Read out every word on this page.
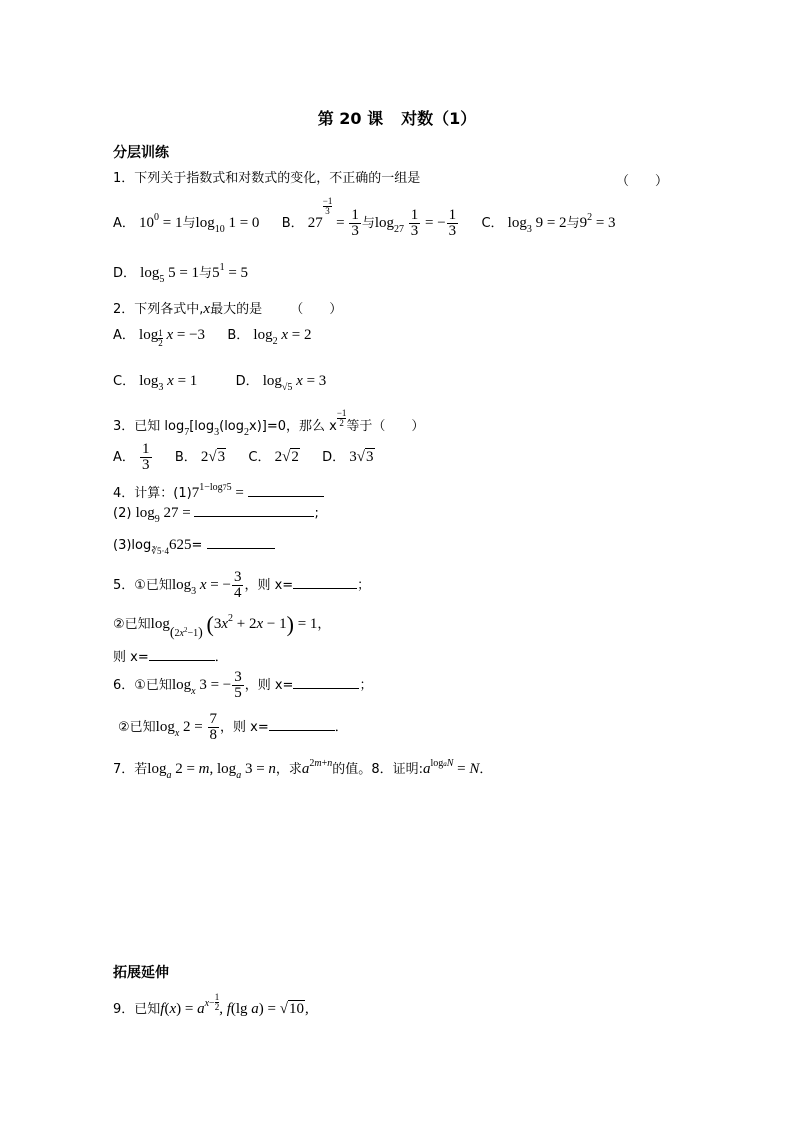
第 20 课 对数（1）
分层训练
1．下列关于指数式和对数式的变化，不正确的一组是	（　　）
A． $10^0 = 1$与$\log_{10} 1 = 0$ B． 27
$\frac{-1}{3}$
= $\frac{1}{3}$ 与$\log_{27} \frac{1}{3}$ = − $\frac{1}{3}$ C． $\log_3 9 = 2$与$9^2 = 3$
D． $\log_5 5 = 1$与$5^1 = 5$
2．下列各式中,x最大的是 （　　）
A． $\log \frac{1}{2}$ x = −3 B． $\log_2 x = 2$
C． $\log_3 x = 1$	D． $\log_{√5} x = 3$
3．已知 $\log_7[\log_3(\log_2x)]=0$，那么 x $\frac{-1}{2}$ 等于（　　）
A． $\frac{1}{3}$ B． 2√3 C． 2√2 D． 3√3
4．计算：$(1)7^{1-log75}$ =
(2) $\log_9 27$ =	;
$(3)\log_{∛5\cdot 4}625=$
5．①已知$\log_3 x$ = − $\frac{3}{4}$ ，则 x=	；
②已知$\log_{(2x^2-1)} (3x^2 + 2x - 1) = 1$，
则 x=	．
6．①已知$\log_x 3$ = − $\frac{3}{5}$ ，则 x=	；
②已知$\log_x 2 = \frac{7}{8}$ ，则 x=	．
7．若$\log_a 2 = m$, $\log_a 3 = n$，求$a^{2m+n}$的值。8．证明$:a^{logaN} = N$．
拓展延伸
9．已知$f(x) = a^{x- \frac{1}{2}}$ , f(lg a) = √10,
